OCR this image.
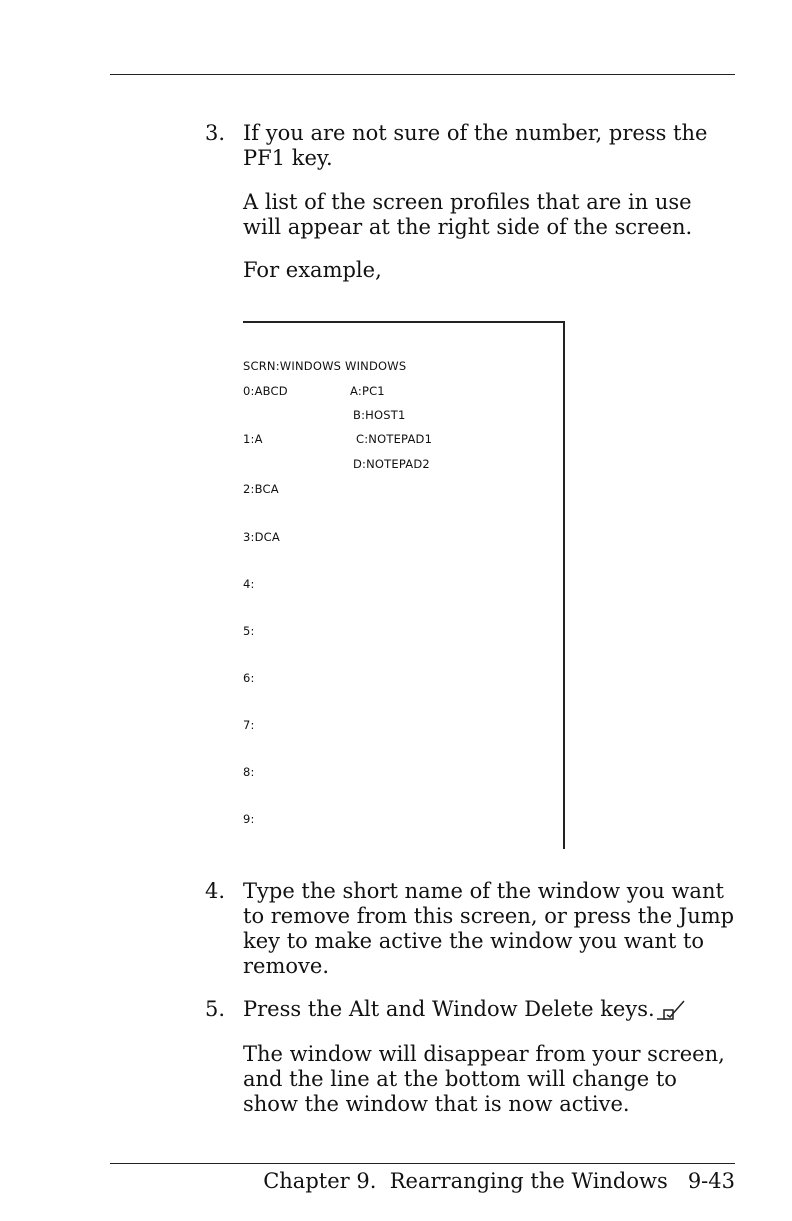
3. If you are not sure of the number, press the
PF1 key.
A list of the screen profiles that are in use
will appear at the right side of the screen.
For example,
SCRN:WINDOWS WINDOWS
0:ABCD
1:A
2:BCA
3:DCA
4:
5:
6:
7:
8:
9:
A:PC1
B:HOST1
C:NOTEPAD1
D:NOTEPAD2
4. Type the short name of the window you want
to remove from this screen, or press the Jump
key to make active the window you want to
remove.
5. Press the Alt and Window Delete keys.
The window will disappear from your screen,
and the line at the bottom will change to
show the window that is now active.
Chapter 9.  Rearranging the Windows 9-43
